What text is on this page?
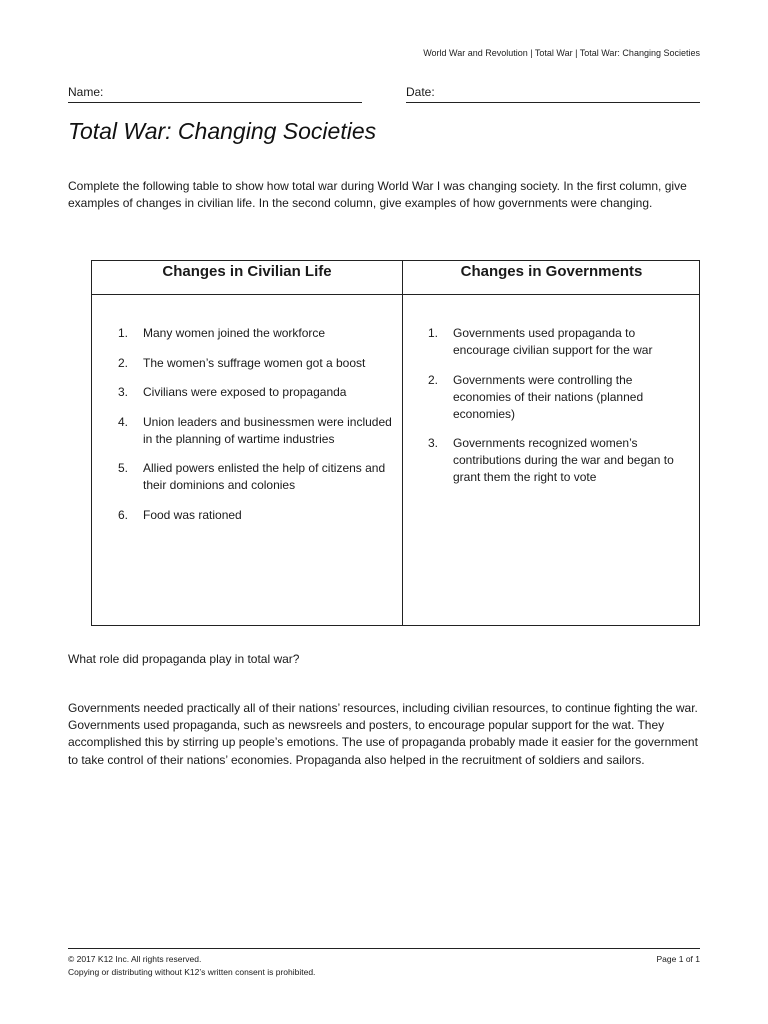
World War and Revolution | Total War | Total War: Changing Societies
Name:	Date:
Total War: Changing Societies

Complete the following table to show how total war during World War I was changing society. In the first column, give examples of changes in civilian life. In the second column, give examples of how governments were changing.

Changes in Civilian Life	Changes in Governments
1. Many women joined the workforce
2. The women’s suffrage women got a boost
3. Civilians were exposed to propaganda
4. Union leaders and businessmen were included in the planning of wartime industries
5. Allied powers enlisted the help of citizens and their dominions and colonies
6. Food was rationed
1. Governments used propaganda to encourage civilian support for the war
2. Governments were controlling the economies of their nations (planned economies)
3. Governments recognized women’s contributions during the war and began to grant them the right to vote

What role did propaganda play in total war?

Governments needed practically all of their nations’ resources, including civilian resources, to continue fighting the war. Governments used propaganda, such as newsreels and posters, to encourage popular support for the wat. They accomplished this by stirring up people’s emotions. The use of propaganda probably made it easier for the government to take control of their nations’ economies. Propaganda also helped in the recruitment of soldiers and sailors.

© 2017 K12 Inc. All rights reserved.
Copying or distributing without K12’s written consent is prohibited.
Page 1 of 1
